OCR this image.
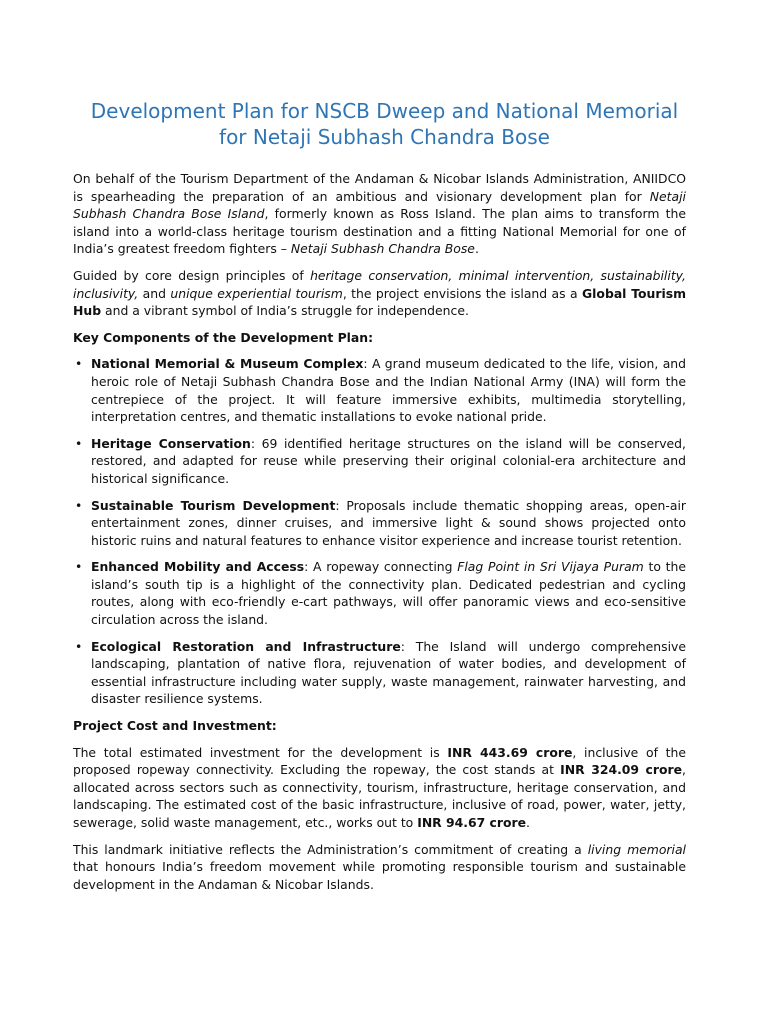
Development Plan for NSCB Dweep and National Memorial for Netaji Subhash Chandra Bose

On behalf of the Tourism Department of the Andaman & Nicobar Islands Administration, ANIIDCO is spearheading the preparation of an ambitious and visionary development plan for Netaji Subhash Chandra Bose Island, formerly known as Ross Island. The plan aims to transform the island into a world-class heritage tourism destination and a fitting National Memorial for one of India’s greatest freedom fighters – Netaji Subhash Chandra Bose.

Guided by core design principles of heritage conservation, minimal intervention, sustainability, inclusivity, and unique experiential tourism, the project envisions the island as a Global Tourism Hub and a vibrant symbol of India’s struggle for independence.

Key Components of the Development Plan:

• National Memorial & Museum Complex: A grand museum dedicated to the life, vision, and heroic role of Netaji Subhash Chandra Bose and the Indian National Army (INA) will form the centrepiece of the project. It will feature immersive exhibits, multimedia storytelling, interpretation centres, and thematic installations to evoke national pride.
• Heritage Conservation: 69 identified heritage structures on the island will be conserved, restored, and adapted for reuse while preserving their original colonial-era architecture and historical significance.
• Sustainable Tourism Development: Proposals include thematic shopping areas, open-air entertainment zones, dinner cruises, and immersive light & sound shows projected onto historic ruins and natural features to enhance visitor experience and increase tourist retention.
• Enhanced Mobility and Access: A ropeway connecting Flag Point in Sri Vijaya Puram to the island’s south tip is a highlight of the connectivity plan. Dedicated pedestrian and cycling routes, along with eco-friendly e-cart pathways, will offer panoramic views and eco-sensitive circulation across the island.
• Ecological Restoration and Infrastructure: The Island will undergo comprehensive landscaping, plantation of native flora, rejuvenation of water bodies, and development of essential infrastructure including water supply, waste management, rainwater harvesting, and disaster resilience systems.

Project Cost and Investment:

The total estimated investment for the development is INR 443.69 crore, inclusive of the proposed ropeway connectivity. Excluding the ropeway, the cost stands at INR 324.09 crore, allocated across sectors such as connectivity, tourism, infrastructure, heritage conservation, and landscaping. The estimated cost of the basic infrastructure, inclusive of road, power, water, jetty, sewerage, solid waste management, etc., works out to INR 94.67 crore.

This landmark initiative reflects the Administration’s commitment of creating a living memorial that honours India’s freedom movement while promoting responsible tourism and sustainable development in the Andaman & Nicobar Islands.
